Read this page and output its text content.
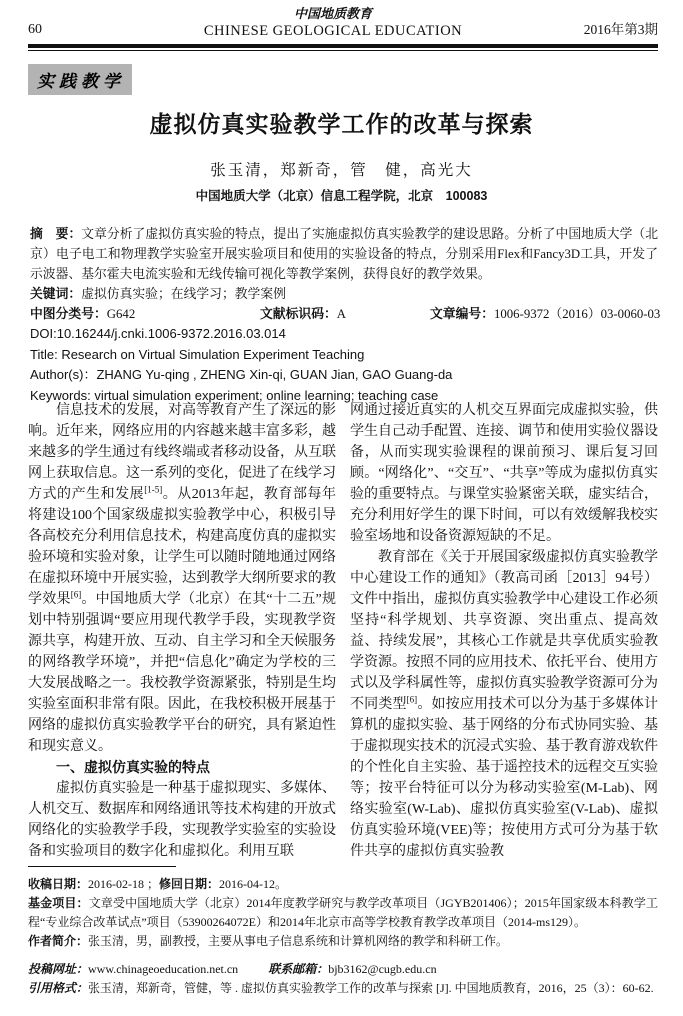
60
中国地质教育
CHINESE GEOLOGICAL EDUCATION	2016年第3期
实践教学
虚拟仿真实验教学工作的改革与探索
张玉清，郑新奇，管　健，高光大
中国地质大学（北京）信息工程学院，北京　100083

摘　要：文章分析了虚拟仿真实验的特点，提出了实施虚拟仿真实验教学的建设思路。分析了中国地质大学（北京）电子电工和物理教学实验室开展实验项目和使用的实验设备的特点，分别采用Flex和Fancy3D工具，开发了示波器、基尔霍夫电流实验和无线传输可视化等教学案例，获得良好的教学效果。

关键词：虚拟仿真实验；在线学习；教学案例

中图分类号：G642	文献标识码：A	文章编号：1006-9372（2016）03-0060-03
DOI:10.16244/j.cnki.1006-9372.2016.03.014
Title: Research on Virtual Simulation Experiment Teaching
Author(s)：ZHANG Yu-qing , ZHENG Xin-qi, GUAN Jian, GAO Guang-da
Keywords: virtual simulation experiment; online learning; teaching case

信息技术的发展，对高等教育产生了深远的影响。近年来，网络应用的内容越来越丰富多彩，越来越多的学生通过有线终端或者移动设备，从互联网上获取信息。这一系列的变化，促进了在线学习方式的产生和发展[1-5]。从2013年起，教育部每年将建设100个国家级虚拟实验教学中心，积极引导各高校充分利用信息技术，构建高度仿真的虚拟实验环境和实验对象，让学生可以随时随地通过网络在虚拟环境中开展实验，达到教学大纲所要求的教学效果[6]。中国地质大学（北京）在其“十二五”规划中特别强调“要应用现代教学手段，实现教学资源共享，构建开放、互动、自主学习和全天候服务的网络教学环境”，并把“信息化”确定为学校的三大发展战略之一。我校教学资源紧张，特别是生均实验室面积非常有限。因此，在我校积极开展基于网络的虚拟仿真实验教学平台的研究，具有紧迫性和现实意义。

一、虚拟仿真实验的特点

虚拟仿真实验是一种基于虚拟现实、多媒体、人机交互、数据库和网络通讯等技术构建的开放式网络化的实验教学手段，实现教学实验室的实验设备和实验项目的数字化和虚拟化。利用互联

网通过接近真实的人机交互界面完成虚拟实验，供学生自己动手配置、连接、调节和使用实验仪器设备，从而实现实验课程的课前预习、课后复习回顾。“网络化”、“交互”、“共享”等成为虚拟仿真实验的重要特点。与课堂实验紧密关联，虚实结合，充分利用好学生的课下时间，可以有效缓解我校实验室场地和设备资源短缺的不足。

教育部在《关于开展国家级虚拟仿真实验教学中心建设工作的通知》（教高司函［2013］94号）文件中指出，虚拟仿真实验教学中心建设工作必须坚持“科学规划、共享资源、突出重点、提高效益、持续发展”，其核心工作就是共享优质实验教学资源。按照不同的应用技术、依托平台、使用方式以及学科属性等，虚拟仿真实验教学资源可分为不同类型[6]。如按应用技术可以分为基于多媒体计算机的虚拟实验、基于网络的分布式协同实验、基于虚拟现实技术的沉浸式实验、基于教育游戏软件的个性化自主实验、基于遥控技术的远程交互实验等；按平台特征可以分为移动实验室(M-Lab)、网络实验室(W-Lab)、虚拟仿真实验室(V-Lab)、虚拟仿真实验环境(VEE)等；按使用方式可分为基于软件共享的虚拟仿真实验教

收稿日期：2016-02-18 ；修回日期：2016-04-12。

基金项目：文章受中国地质大学（北京）2014年度教学研究与教学改革项目（JGYB201406）；2015年国家级本科教学工程“专业综合改革试点”项目（53900264072E）和2014年北京市高等学校教育教学改革项目（2014-ms129）。

作者简介：张玉清，男，副教授，主要从事电子信息系统和计算机网络的教学和科研工作。

投稿网址：www.chinageoeducation.net.cn	联系邮箱：bjb3162@cugb.edu.cn

引用格式：张玉清，郑新奇，管健，等 . 虚拟仿真实验教学工作的改革与探索 [J]. 中国地质教育，2016，25（3）：60-62.
